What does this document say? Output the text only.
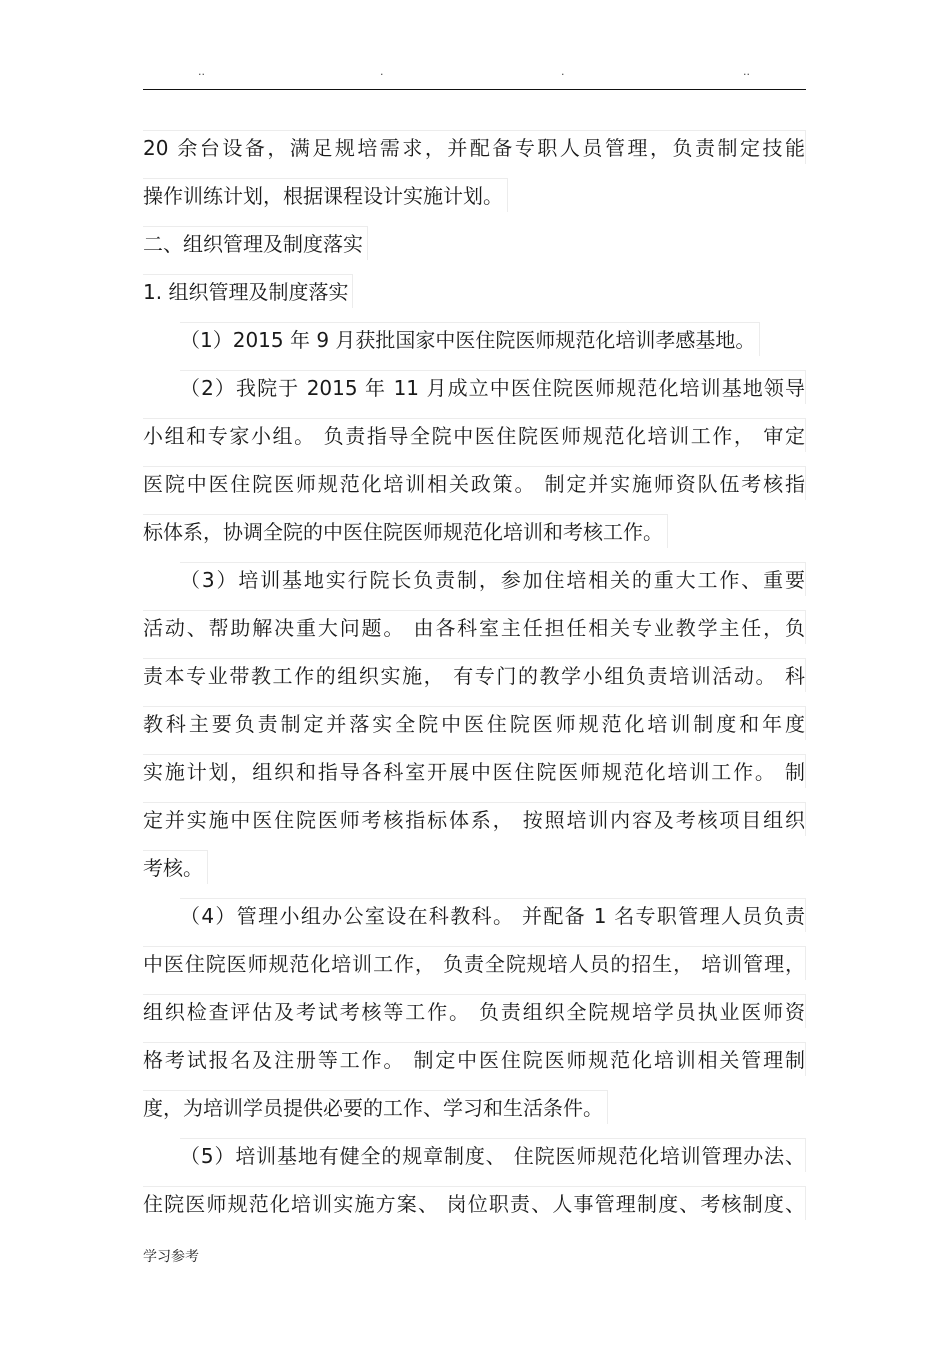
..	.	.	..
20 余台设备，满足规培需求，并配备专职人员管理，负责制定技能
操作训练计划，根据课程设计实施计划。
二、组织管理及制度落实
1. 组织管理及制度落实
（1）2015 年 9 月获批国家中医住院医师规范化培训孝感基地。
（2）我院于 2015 年 11 月成立中医住院医师规范化培训基地领导
小组和专家小组。 负责指导全院中医住院医师规范化培训工作， 审定
医院中医住院医师规范化培训相关政策。 制定并实施师资队伍考核指
标体系，协调全院的中医住院医师规范化培训和考核工作。
（3）培训基地实行院长负责制，参加住培相关的重大工作、重要
活动、帮助解决重大问题。 由各科室主任担任相关专业教学主任，负
责本专业带教工作的组织实施， 有专门的教学小组负责培训活动。 科
教科主要负责制定并落实全院中医住院医师规范化培训制度和年度
实施计划，组织和指导各科室开展中医住院医师规范化培训工作。 制
定并实施中医住院医师考核指标体系， 按照培训内容及考核项目组织
考核。
（4）管理小组办公室设在科教科。 并配备 1 名专职管理人员负责
中医住院医师规范化培训工作， 负责全院规培人员的招生， 培训管理，
组织检查评估及考试考核等工作。 负责组织全院规培学员执业医师资
格考试报名及注册等工作。 制定中医住院医师规范化培训相关管理制
度，为培训学员提供必要的工作、学习和生活条件。
（5）培训基地有健全的规章制度、 住院医师规范化培训管理办法、
住院医师规范化培训实施方案、 岗位职责、人事管理制度、考核制度、
学习参考
